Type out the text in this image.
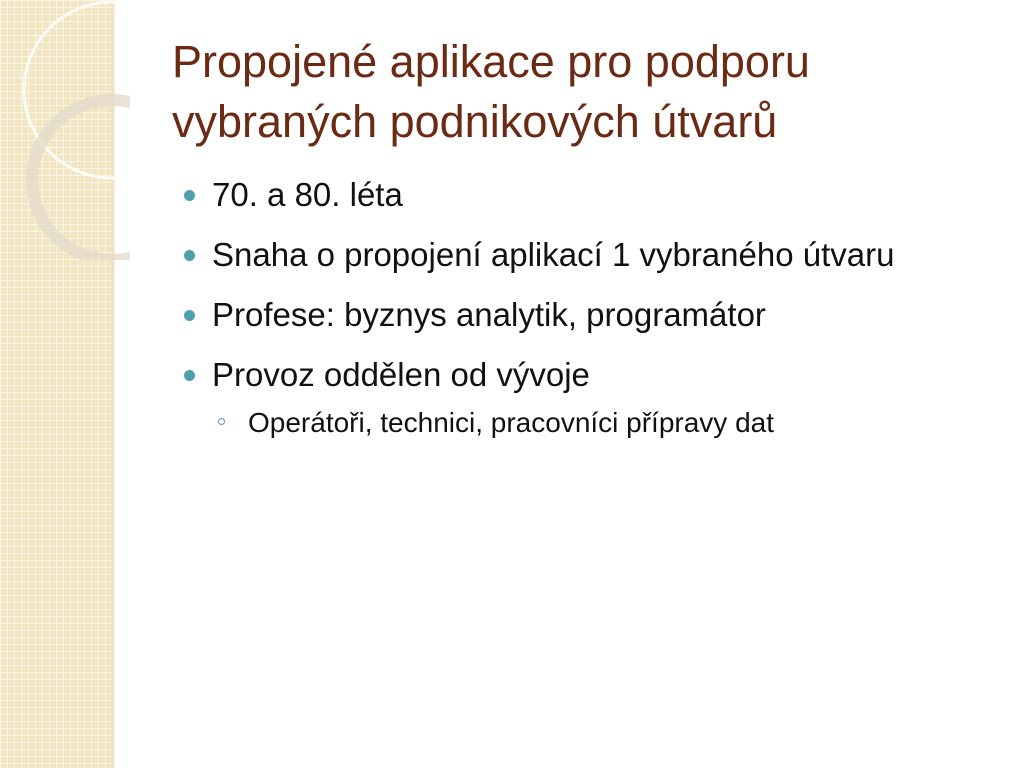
Propojené aplikace pro podporu vybraných podnikových útvarů
70. a 80. léta
Snaha o propojení aplikací 1 vybraného útvaru
Profese: byznys analytik, programátor
Provoz oddělen od vývoje
Operátoři, technici, pracovníci přípravy dat
